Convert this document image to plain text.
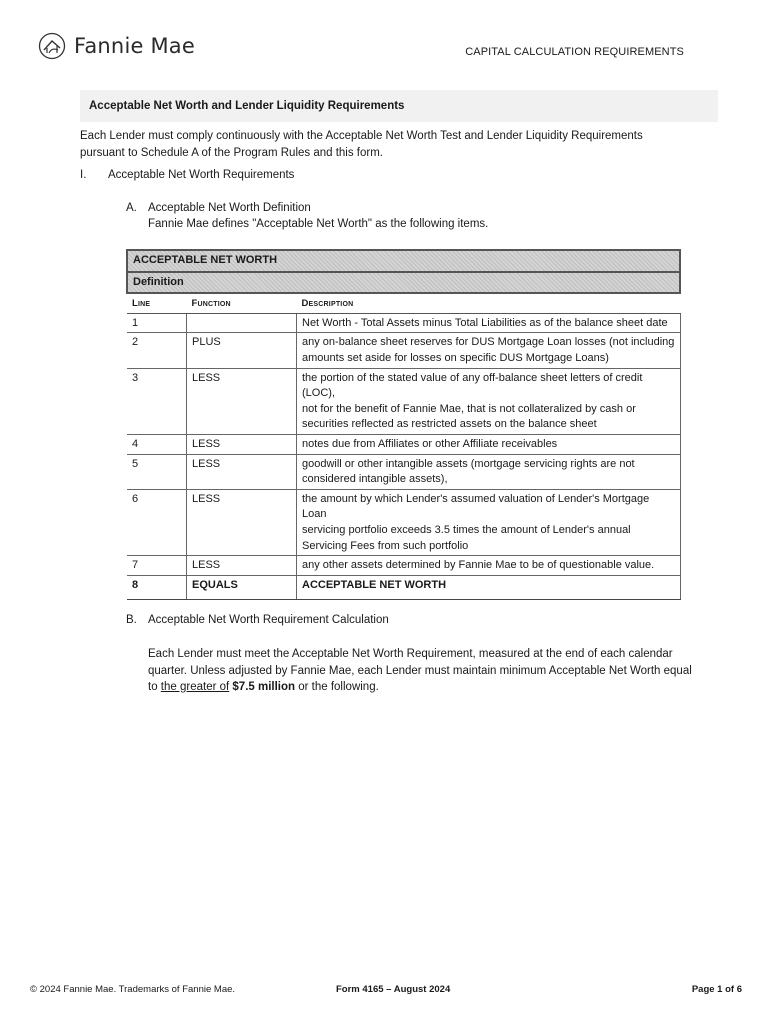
Fannie Mae	CAPITAL CALCULATION REQUIREMENTS
Acceptable Net Worth and Lender Liquidity Requirements
Each Lender must comply continuously with the Acceptable Net Worth Test and Lender Liquidity Requirements pursuant to Schedule A of the Program Rules and this form.
I. Acceptable Net Worth Requirements
A. Acceptable Net Worth Definition
Fannie Mae defines "Acceptable Net Worth" as the following items.
ACCEPTABLE NET WORTH		
Definition		
Line	Function	Description
1		Net Worth - Total Assets minus Total Liabilities as of the balance sheet date
2	PLUS	any on-balance sheet reserves for DUS Mortgage Loan losses (not including amounts set aside for losses on specific DUS Mortgage Loans)
3	LESS	the portion of the stated value of any off-balance sheet letters of credit (LOC),
not for the benefit of Fannie Mae, that is not collateralized by cash or securities reflected as restricted assets on the balance sheet
4	LESS	notes due from Affiliates or other Affiliate receivables
5	LESS	goodwill or other intangible assets (mortgage servicing rights are not considered intangible assets),
6	LESS	the amount by which Lender's assumed valuation of Lender's Mortgage Loan
servicing portfolio exceeds 3.5 times the amount of Lender's annual Servicing Fees from such portfolio
7	LESS	any other assets determined by Fannie Mae to be of questionable value.
8	EQUALS	ACCEPTABLE NET WORTH
B. Acceptable Net Worth Requirement Calculation
Each Lender must meet the Acceptable Net Worth Requirement, measured at the end of each calendar quarter. Unless adjusted by Fannie Mae, each Lender must maintain minimum Acceptable Net Worth equal to the greater of $7.5 million or the following.
© 2024 Fannie Mae. Trademarks of Fannie Mae.	Form 4165 – August 2024	Page 1 of 6
